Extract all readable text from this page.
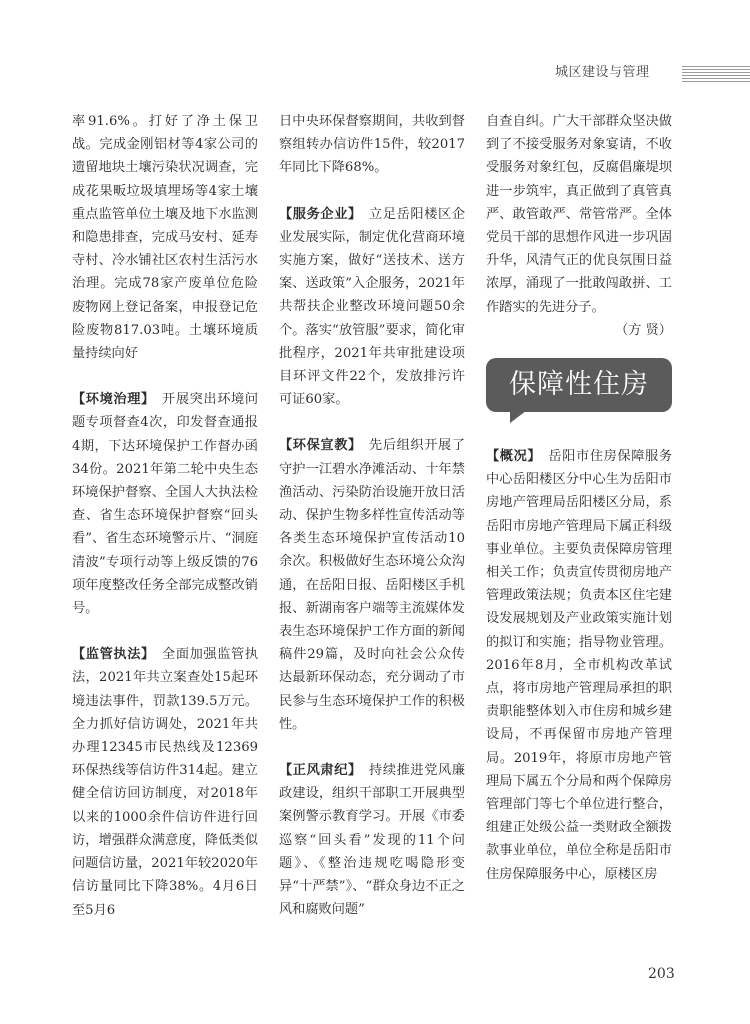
城区建设与管理

率91.6%。打好了净土保卫战。完成金刚铝材等4家公司的遗留地块土壤污染状况调查，完成花果畈垃圾填埋场等4家土壤重点监管单位土壤及地下水监测和隐患排查，完成马安村、延寿寺村、冷水铺社区农村生活污水治理。完成78家产废单位危险废物网上登记备案，申报登记危险废物817.03吨。土壤环境质量持续向好

【环境治理】　 开展突出环境问题专项督查4次，印发督查通报4期，下达环境保护工作督办函34份。2021年第二轮中央生态环境保护督察、全国人大执法检查、省生态环境保护督察“回头看”、省生态环境警示片、“洞庭清波”专项行动等上级反馈的76项年度整改任务全部完成整改销号。

【监管执法】　 全面加强监管执法，2021年共立案查处15起环境违法事件，罚款139.5万元。全力抓好信访调处，2021年共办理12345市民热线及12369环保热线等信访件314起。建立健全信访回访制度，对2018年以来的1000余件信访件进行回访，增强群众满意度，降低类似问题信访量，2021年较2020年信访量同比下降38%。4月6日至5月6

日中央环保督察期间，共收到督察组转办信访件15件，较2017年同比下降68%。

【服务企业】　 立足岳阳楼区企业发展实际，制定优化营商环境实施方案，做好“送技术、送方案、送政策”入企服务，2021年共帮扶企业整改环境问题50余个。落实“放管服”要求，简化审批程序，2021年共审批建设项目环评文件22个，发放排污许可证60家。

【环保宣教】　 先后组织开展了守护一江碧水净滩活动、十年禁渔活动、污染防治设施开放日活动、保护生物多样性宣传活动等各类生态环境保护宣传活动10余次。积极做好生态环境公众沟通，在岳阳日报、岳阳楼区手机报、新湖南客户端等主流媒体发表生态环境保护工作方面的新闻稿件29篇，及时向社会公众传达最新环保动态，充分调动了市民参与生态环境保护工作的积极性。

【正风肃纪】　 持续推进党风廉政建设，组织干部职工开展典型案例警示教育学习。开展《市委巡察“回头看”发现的11个问题》、《整治违规吃喝隐形变异“十严禁”》、“群众身边不正之风和腐败问题”

自查自纠。广大干部群众坚决做到了不接受服务对象宴请，不收受服务对象红包，反腐倡廉堤坝进一步筑牢，真正做到了真管真严、敢管敢严、常管常严。全体党员干部的思想作风进一步巩固升华，风清气正的优良氛围日益浓厚，涌现了一批敢闯敢拼、工作踏实的先进分子。

（方 贤）

保障性住房

【概况】　 岳阳市住房保障服务中心岳阳楼区分中心生为岳阳市房地产管理局岳阳楼区分局，系岳阳市房地产管理局下属正科级事业单位。主要负责保障房管理相关工作；负责宣传贯彻房地产管理政策法规；负责本区住宅建设发展规划及产业政策实施计划的拟订和实施；指导物业管理。2016年8月，全市机构改革试点，将市房地产管理局承担的职责职能整体划入市住房和城乡建设局，不再保留市房地产管理局。2019年，将原市房地产管理局下属五个分局和两个保障房管理部门等七个单位进行整合，组建正处级公益一类财政全额拨款事业单位，单位全称是岳阳市住房保障服务中心，原楼区房

203
